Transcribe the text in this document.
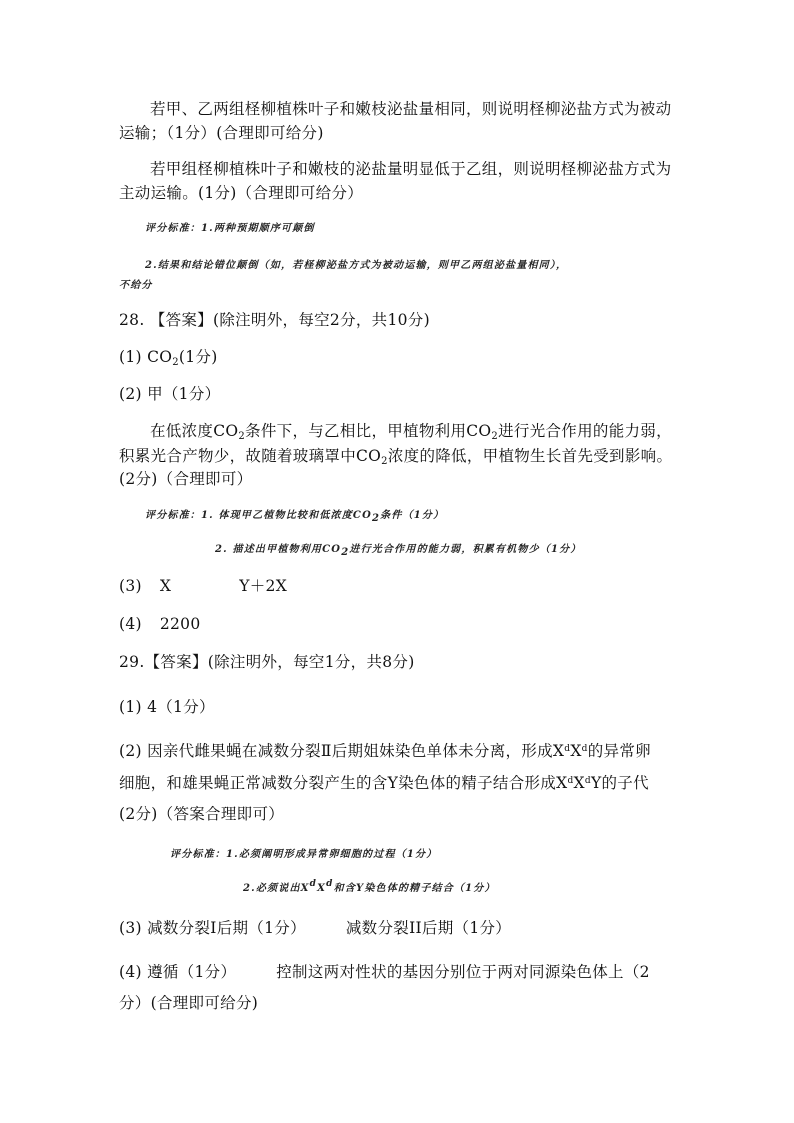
若甲、乙两组柽柳植株叶子和嫩枝泌盐量相同，则说明柽柳泌盐方式为被动
运输；（1分）(合理即可给分)
若甲组柽柳植株叶子和嫩枝的泌盐量明显低于乙组，则说明柽柳泌盐方式为
主动运输。(1分)（合理即可给分）
评分标准：1.两种预期顺序可颠倒
2.结果和结论错位颠倒（如，若柽柳泌盐方式为被动运输，则甲乙两组泌盐量相同），
不给分
28. 【答案】(除注明外，每空2分，共10分)
(1) $CO_2(1$分)
(2) 甲（1分）
在低浓度$CO_2$条件下，与乙相比，甲植物利用$CO_2$进行光合作用的能力弱，
积累光合产物少，故随着玻璃罩中$CO_2$浓度的降低，甲植物生长首先受到影响。
(2分)（合理即可）
评分标准：1. 体现甲乙植物比较和低浓度$CO_2$条件（1分）
2. 描述出甲植物利用$CO_2$进行光合作用的能力弱，积累有机物少（1分）
(3) X	Y＋2X
(4) 2200
29.【答案】(除注明外，每空1分，共8分)
(1) 4（1分）
(2) 因亲代雌果蝇在减数分裂Ⅱ后期姐妹染色单体未分离，形成$X^dX^d$的异常卵
细胞，和雄果蝇正常减数分裂产生的含Y染色体的精子结合形成$X^dX^dY$的子代
(2分)（答案合理即可）
评分标准：1.必须阐明形成异常卵细胞的过程（1分）
2.必须说出$X^dX^d$和含Y染色体的精子结合（1分）
(3) 减数分裂Ⅰ后期（1分）	减数分裂II后期（1分）
(4) 遵循（1分）	控制这两对性状的基因分别位于两对同源染色体上（2
分）(合理即可给分)
